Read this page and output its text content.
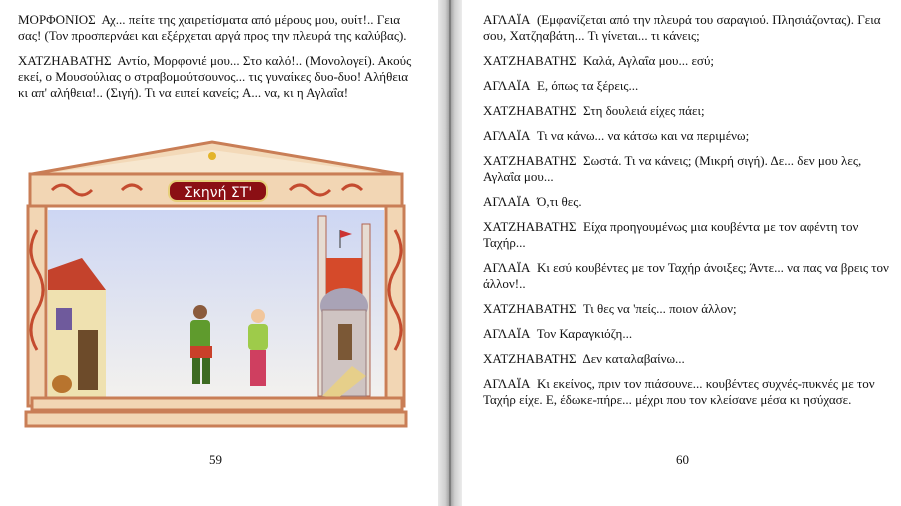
ΜΟΡΦΟΝΙΟΣ Αχ... πείτε της χαιρετίσματα από μέρους μου, ουίτ!.. Γεια σας! (Τον προσπερνάει και εξέρχεται αργά προς την πλευρά της καλύβας).

ΧΑΤΖΗΑΒΑΤΗΣ Αντίο, Μορφονιέ μου... Στο καλό!.. (Μονολογεί). Ακούς εκεί, ο Μουσούλιας ο στραβομούτσουνος... τις γυναίκες δυο-δυο! Αλήθεια κι απ' αλήθεια!.. (Σιγή). Τι να ειπεί κανείς; Α... να, κι η Αγλαΐα!

Σκηνή ΣΤ'
59

ΑΓΛΑΪΑ (Εμφανίζεται από την πλευρά του σαραγιού. Πλησιάζοντας). Γεια σου, Χατζηαβάτη... Τι γίνεται... τι κάνεις;

ΧΑΤΖΗΑΒΑΤΗΣ Καλά, Αγλαΐα μου... εσύ;

ΑΓΛΑΪΑ Ε, όπως τα ξέρεις...

ΧΑΤΖΗΑΒΑΤΗΣ Στη δουλειά είχες πάει;

ΑΓΛΑΪΑ Τι να κάνω... να κάτσω και να περιμένω;

ΧΑΤΖΗΑΒΑΤΗΣ Σωστά. Τι να κάνεις; (Μικρή σιγή). Δε... δεν μου λες, Αγλαΐα μου...

ΑΓΛΑΪΑ Ό,τι θες.

ΧΑΤΖΗΑΒΑΤΗΣ Είχα προηγουμένως μια κουβέντα με τον αφέντη τον Ταχήρ...

ΑΓΛΑΪΑ Κι εσύ κουβέντες με τον Ταχήρ άνοιξες; Άντε... να πας να βρεις τον άλλον!..

ΧΑΤΖΗΑΒΑΤΗΣ Τι θες να 'πείς... ποιον άλλον;

ΑΓΛΑΪΑ Τον Καραγκιόζη...

ΧΑΤΖΗΑΒΑΤΗΣ Δεν καταλαβαίνω...

ΑΓΛΑΪΑ Κι εκείνος, πριν τον πιάσουνε... κουβέντες συχνές-πυκνές με τον Ταχήρ είχε. Ε, έδωκε-πήρε... μέχρι που τον κλείσανε μέσα κι ησύχασε.

60
